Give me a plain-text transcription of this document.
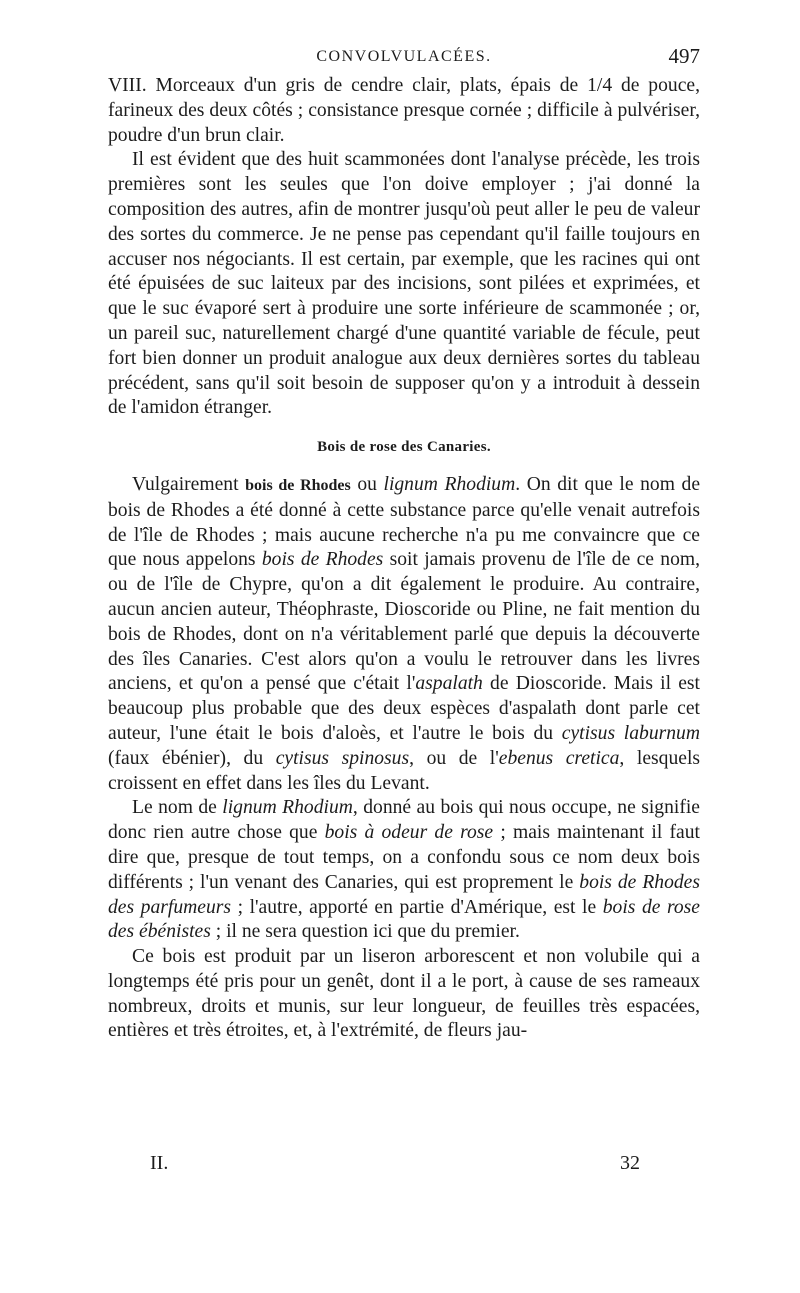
CONVOLVULACÉES.	497

VIII. Morceaux d'un gris de cendre clair, plats, épais de 1/4 de pouce, farineux des deux côtés ; consistance presque cornée ; difficile à pulvériser, poudre d'un brun clair.

Il est évident que des huit scammonées dont l'analyse précède, les trois premières sont les seules que l'on doive employer ; j'ai donné la composition des autres, afin de montrer jusqu'où peut aller le peu de valeur des sortes du commerce. Je ne pense pas cependant qu'il faille toujours en accuser nos négociants. Il est certain, par exemple, que les racines qui ont été épuisées de suc laiteux par des incisions, sont pilées et exprimées, et que le suc évaporé sert à produire une sorte inférieure de scammonée ; or, un pareil suc, naturellement chargé d'une quantité variable de fécule, peut fort bien donner un produit analogue aux deux dernières sortes du tableau précédent, sans qu'il soit besoin de supposer qu'on y a introduit à dessein de l'amidon étranger.

Bois de rose des Canaries.

Vulgairement bois de Rhodes ou lignum Rhodium. On dit que le nom de bois de Rhodes a été donné à cette substance parce qu'elle venait autrefois de l'île de Rhodes ; mais aucune recherche n'a pu me convaincre que ce que nous appelons bois de Rhodes soit jamais provenu de l'île de ce nom, ou de l'île de Chypre, qu'on a dit également le produire. Au contraire, aucun ancien auteur, Théophraste, Dioscoride ou Pline, ne fait mention du bois de Rhodes, dont on n'a véritablement parlé que depuis la découverte des îles Canaries. C'est alors qu'on a voulu le retrouver dans les livres anciens, et qu'on a pensé que c'était l'aspalath de Dioscoride. Mais il est beaucoup plus probable que des deux espèces d'aspalath dont parle cet auteur, l'une était le bois d'aloès, et l'autre le bois du cytisus laburnum (faux ébénier), du cytisus spinosus, ou de l'ebenus cretica, lesquels croissent en effet dans les îles du Levant.

Le nom de lignum Rhodium, donné au bois qui nous occupe, ne signifie donc rien autre chose que bois à odeur de rose ; mais maintenant il faut dire que, presque de tout temps, on a confondu sous ce nom deux bois différents ; l'un venant des Canaries, qui est proprement le bois de Rhodes des parfumeurs ; l'autre, apporté en partie d'Amérique, est le bois de rose des ébénistes ; il ne sera question ici que du premier.

Ce bois est produit par un liseron arborescent et non volubile qui a longtemps été pris pour un genêt, dont il a le port, à cause de ses rameaux nombreux, droits et munis, sur leur longueur, de feuilles très espacées, entières et très étroites, et, à l'extrémité, de fleurs jau-

II.	32
